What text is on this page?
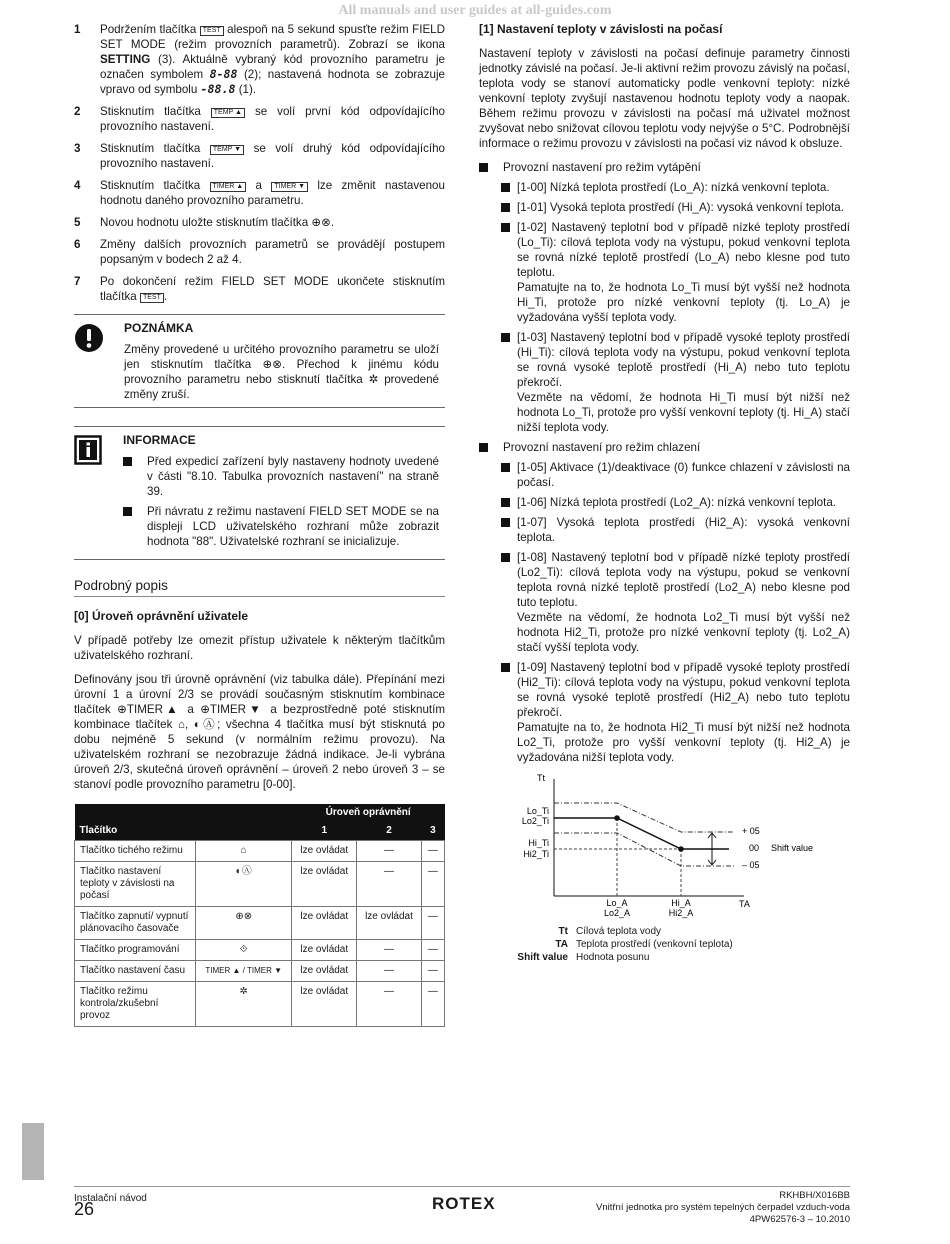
All manuals and user guides at all-guides.com
1	Podržením tlačítka TEST alespoň na 5 sekund spusťte režim FIELD SET MODE (režim provozních parametrů). Zobrazí se ikona SETTING (3). Aktuálně vybraný kód provozního parametru je označen symbolem 8-88 (2); nastavená hodnota se zobrazuje vpravo od symbolu -88.8 (1).
2	Stisknutím tlačítka TEMP ▲ se volí první kód odpovídajícího provozního nastavení.
3	Stisknutím tlačítka TEMP ▼ se volí druhý kód odpovídajícího provozního nastavení.
4	Stisknutím tlačítka TIMER ▲ a TIMER ▼ lze změnit nastavenou hodnotu daného provozního parametru.
5	Novou hodnotu uložte stisknutím tlačítka ⊕⊗.
6	Změny dalších provozních parametrů se provádějí postupem popsaným v bodech 2 až 4.
7	Po dokončení režim FIELD SET MODE ukončete stisknutím tlačítka TEST .
POZNÁMKA

Změny provedené u určitého provozního parametru se uloží jen stisknutím tlačítka ⊕⊗. Přechod k jinému kódu provozního parametru nebo stisknutí tlačítka ✲ provedené změny zruší.

INFORMACE
Před expedicí zařízení byly nastaveny hodnoty uvedené v části "8.10. Tabulka provozních nastavení" na straně 39.
Při návratu z režimu nastavení FIELD SET MODE se na displeji LCD uživatelského rozhraní může zobrazit hodnota "88". Uživatelské rozhraní se inicializuje.
Podrobný popis
[0] Úroveň oprávnění uživatele

V případě potřeby lze omezit přístup uživatele k některým tlačítkům uživatelského rozhraní.

Definovány jsou tři úrovně oprávnění (viz tabulka dále). Přepínání mezi úrovní 1 a úrovní 2/3 se provádí současným stisknutím kombinace tlačítek ⊕TIMER▲ a ⊕TIMER▼ a bezprostředně poté stisknutím kombinace tlačítek ⌂, ◐Ⓐ; všechna 4 tlačítka musí být stisknutá po dobu nejméně 5 sekund (v normálním režimu provozu). Na uživatelském rozhraní se nezobrazuje žádná indikace. Je-li vybrána úroveň 2/3, skutečná úroveň oprávnění – úroveň 2 nebo úroveň 3 – se stanoví podle provozního parametru [0-00].

		Úroveň oprávnění		
Tlačítko		1	2	3
Tlačítko tichého režimu	⌂	lze ovládat	—	—
Tlačítko nastavení teploty v závislosti na počasí	◐Ⓐ	lze ovládat	—	—
Tlačítko zapnutí/ vypnutí plánovacího časovače	⊕⊗	lze ovládat	lze ovládat	—
Tlačítko programování	⟐	lze ovládat	—	—
Tlačítko nastavení času	TIMER ▲ / TIMER ▼	lze ovládat	—	—
Tlačítko režimu kontrola/zkušební provoz	✲	lze ovládat	—	—
[1] Nastavení teploty v závislosti na počasí

Nastavení teploty v závislosti na počasí definuje parametry činnosti jednotky závislé na počasí. Je-li aktivní režim provozu závislý na počasí, teplota vody se stanoví automaticky podle venkovní teploty: nízké venkovní teploty zvyšují nastavenou hodnotu teploty vody a naopak. Během režimu provozu v závislosti na počasí má uživatel možnost zvyšovat nebo snižovat cílovou teplotu vody nejvýše o 5°C. Podrobnější informace o režimu provozu v závislosti na počasí viz návod k obsluze.

Provozní nastavení pro režim vytápění
[1-00] Nízká teplota prostředí (Lo_A): nízká venkovní teplota.
[1-01] Vysoká teplota prostředí (Hi_A): vysoká venkovní teplota.
[1-02] Nastavený teplotní bod v případě nízké teploty prostředí (Lo_Ti): cílová teplota vody na výstupu, pokud venkovní teplota se rovná nízké teplotě prostředí (Lo_A) nebo klesne pod tuto teplotu.
Pamatujte na to, že hodnota Lo_Ti musí být vyšší než hodnota Hi_Ti, protože pro nízké venkovní teploty (tj. Lo_A) je vyžadována vyšší teplota vody.
[1-03] Nastavený teplotní bod v případě vysoké teploty prostředí (Hi_Ti): cílová teplota vody na výstupu, pokud venkovní teplota se rovná vysoké teplotě prostředí (Hi_A) nebo tuto teplotu překročí.
Vezměte na vědomí, že hodnota Hi_Ti musí být nižší než hodnota Lo_Ti, protože pro vyšší venkovní teploty (tj. Hi_A) stačí nižší teplota vody.
Provozní nastavení pro režim chlazení
[1-05] Aktivace (1)/deaktivace (0) funkce chlazení v závislosti na počasí.
[1-06] Nízká teplota prostředí (Lo2_A): nízká venkovní teplota.
[1-07] Vysoká teplota prostředí (Hi2_A): vysoká venkovní teplota.
[1-08] Nastavený teplotní bod v případě nízké teploty prostředí (Lo2_Ti): cílová teplota vody na výstupu, pokud se venkovní teplota rovná nízké teplotě prostředí (Lo2_A) nebo klesne pod tuto teplotu.
Vezměte na vědomí, že hodnota Lo2_Ti musí být vyšší než hodnota Hi2_Ti, protože pro nízké venkovní teploty (tj. Lo2_A) stačí vyšší teplota vody.
[1-09] Nastavený teplotní bod v případě vysoké teploty prostředí (Hi2_Ti): cílová teplota vody na výstupu, pokud venkovní teplota se rovná vysoké teplotě prostředí (Hi2_A) nebo tuto teplotu překročí.
Pamatujte na to, že hodnota Hi2_Ti musí být nižší než hodnota Lo2_Ti, protože pro vyšší venkovní teploty (tj. Hi2_A) je vyžadována nižší teplota vody.
Tt
TA
Lo_Ti
Lo2_Ti
Hi_Ti
Hi2_Ti
Lo_A
Lo2_A
Hi_A
Hi2_A
+ 05
00
– 05
Shift value
Tt Cílová teplota vody
TA Teplota prostředí (venkovní teplota)
Shift value Hodnota posunu
Instalační návod
26	ROTEX	RKHBH/X016BB
Vnitřní jednotka pro systém tepelných čerpadel vzduch-voda
4PW62576-3 – 10.2010
